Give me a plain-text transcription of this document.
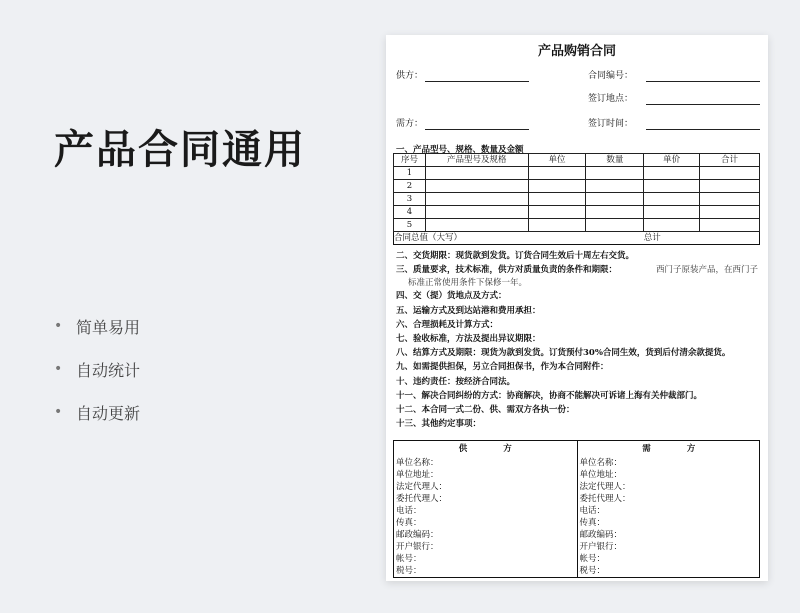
产品合同通用
• 简单易用
• 自动统计
• 自动更新
产品购销合同
供方：	合同编号：
签订地点：
需方：	签订时间：
一、产品型号、规格、数量及金额
序号	产品型号及规格	单位	数量	单价	合计
1					
2					
3					
4					
5					
合同总值（大写）				总计	
二、交货期限：现货款到发货。订货合同生效后十周左右交货。
三、质量要求，技术标准，供方对质量负责的条件和期限：	西门子原装产品，在西门子
标准正常使用条件下保修一年。
四、交（提）货地点及方式：
五、运输方式及到达站港和费用承担：
六、合理损耗及计算方式：
七、验收标准，方法及提出异议期限：
八、结算方式及期限：现货为款到发货。订货预付30%合同生效，货到后付清余款提货。
九、如需提供担保，另立合同担保书，作为本合同附件：
十、违约责任：按经济合同法。
十一、解决合同纠纷的方式：协商解决，协商不能解决可诉诸上海有关仲裁部门。
十二、本合同一式二份、供、需双方各执一份：
十三、其他约定事项：
供方
单位名称：
单位地址：
法定代理人：
委托代理人：
电话：
传真：
邮政编码：
开户银行：
帐号：
税号：
需方
单位名称：
单位地址：
法定代理人：
委托代理人：
电话：
传真：
邮政编码：
开户银行：
帐号：
税号：
